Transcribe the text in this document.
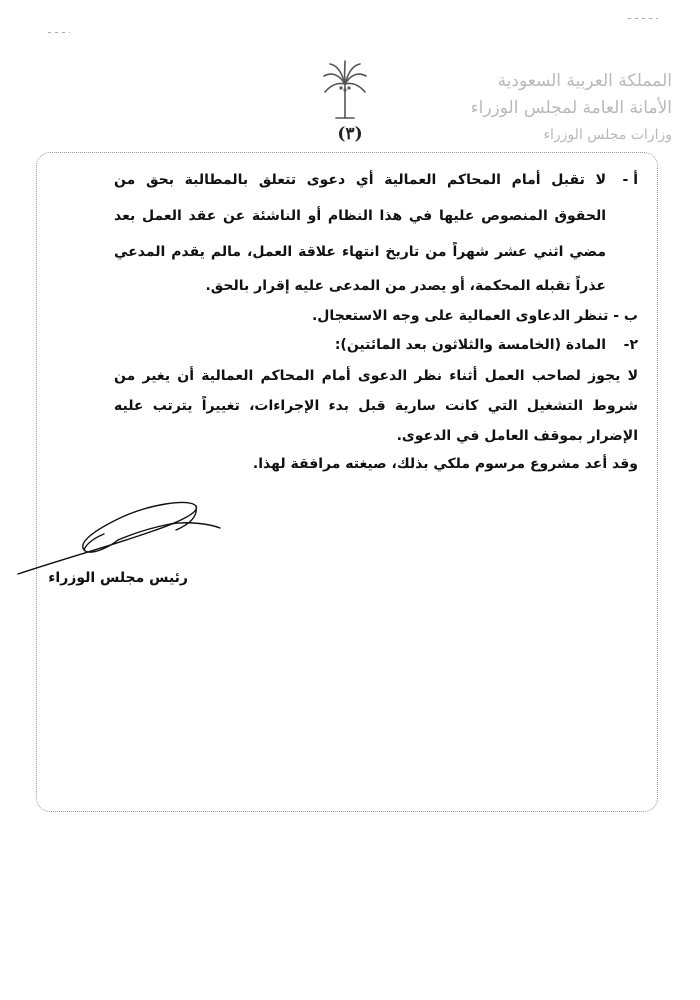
المملكة العربية السعودية
الأمانة العامة لمجلس الوزراء
وزارات مجلس الوزراء
(٣)
أ -
لا تقبل أمام المحاكم العمالية أي دعوى تتعلق بالمطالبة بحق من
الحقوق المنصوص عليها في هذا النظام أو الناشئة عن عقد العمل بعد
مضي اثني عشر شهراً من تاريخ انتهاء علاقة العمل، مالم يقدم المدعي
عذراً تقبله المحكمة، أو يصدر من المدعى عليه إقرار بالحق.
ب - تنظر الدعاوى العمالية على وجه الاستعجال.
٢-
المادة (الخامسة والثلاثون بعد المائتين):
لا يجوز لصاحب العمل أثناء نظر الدعوى أمام المحاكم العمالية أن يغير من
شروط التشغيل التي كانت سارية قبل بدء الإجراءات، تغييراً يترتب عليه
الإضرار بموقف العامل في الدعوى.
وقد أعد مشروع مرسوم ملكي بذلك، صيغته مرافقة لهذا.
رئيس مجلس الوزراء
